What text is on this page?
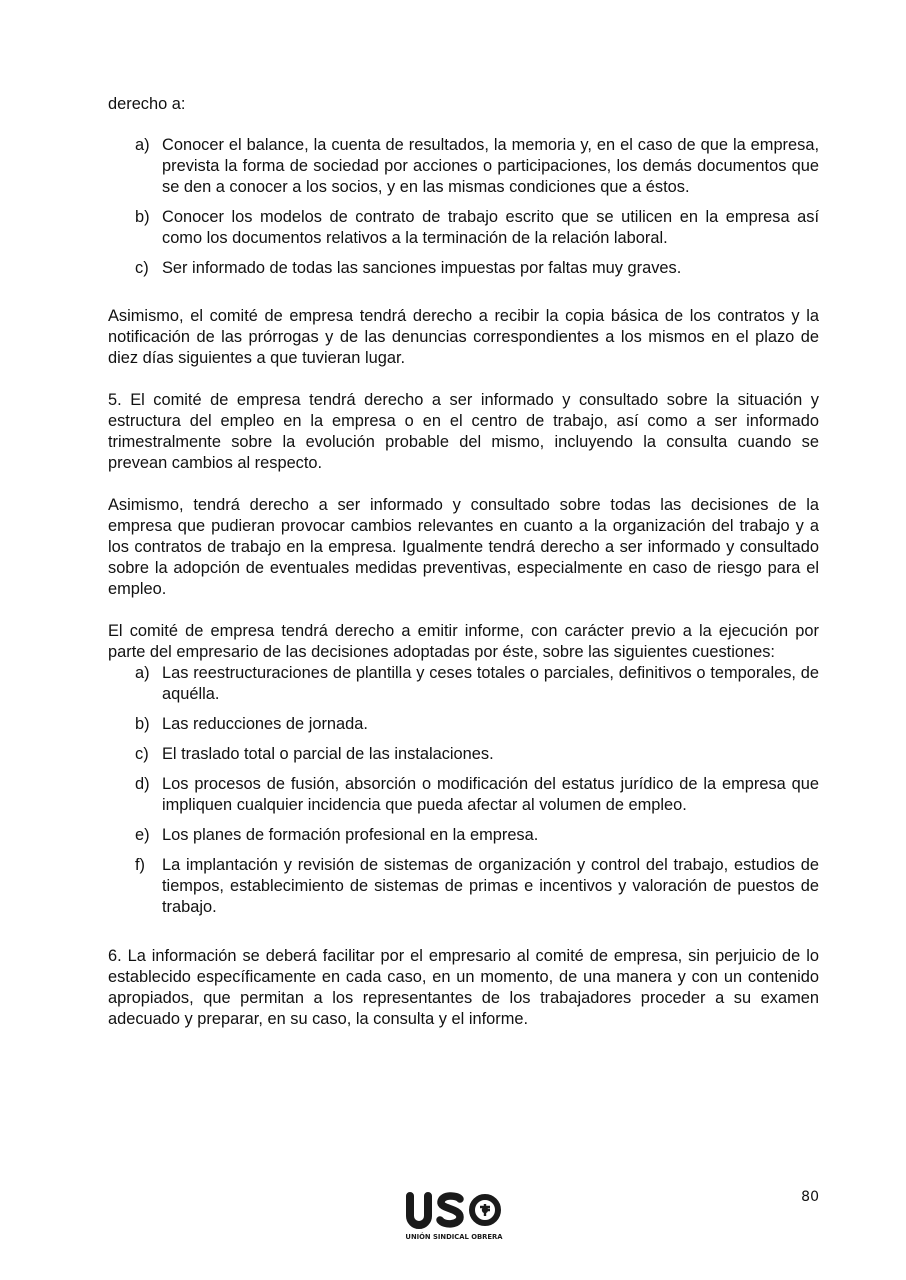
derecho a:

a) Conocer el balance, la cuenta de resultados, la memoria y, en el caso de que la empresa, prevista la forma de sociedad por acciones o participaciones, los demás documentos que se den a conocer a los socios, y en las mismas condiciones que a éstos.
b) Conocer los modelos de contrato de trabajo escrito que se utilicen en la empresa así como los documentos relativos a la terminación de la relación laboral.
c) Ser informado de todas las sanciones impuestas por faltas muy graves.

Asimismo, el comité de empresa tendrá derecho a recibir la copia básica de los contratos y la notificación de las prórrogas y de las denuncias correspondientes a los mismos en el plazo de diez días siguientes a que tuvieran lugar.

5. El comité de empresa tendrá derecho a ser informado y consultado sobre la situación y estructura del empleo en la empresa o en el centro de trabajo, así como a ser informado trimestralmente sobre la evolución probable del mismo, incluyendo la consulta cuando se prevean cambios al respecto.

Asimismo, tendrá derecho a ser informado y consultado sobre todas las decisiones de la empresa que pudieran provocar cambios relevantes en cuanto a la organización del trabajo y a los contratos de trabajo en la empresa. Igualmente tendrá derecho a ser informado y consultado sobre la adopción de eventuales medidas preventivas, especialmente en caso de riesgo para el empleo.

El comité de empresa tendrá derecho a emitir informe, con carácter previo a la ejecución por parte del empresario de las decisiones adoptadas por éste, sobre las siguientes cuestiones:

a) Las reestructuraciones de plantilla y ceses totales o parciales, definitivos o temporales, de aquélla.
b) Las reducciones de jornada.
c) El traslado total o parcial de las instalaciones.
d) Los procesos de fusión, absorción o modificación del estatus jurídico de la empresa que impliquen cualquier incidencia que pueda afectar al volumen de empleo.
e) Los planes de formación profesional en la empresa.
f) La implantación y revisión de sistemas de organización y control del trabajo, estudios de tiempos, establecimiento de sistemas de primas e incentivos y valoración de puestos de trabajo.

6. La información se deberá facilitar por el empresario al comité de empresa, sin perjuicio de lo establecido específicamente en cada caso, en un momento, de una manera y con un contenido apropiados, que permitan a los representantes de los trabajadores proceder a su examen adecuado y preparar, en su caso, la consulta y el informe.

80
UNIÓN SINDICAL OBRERA
